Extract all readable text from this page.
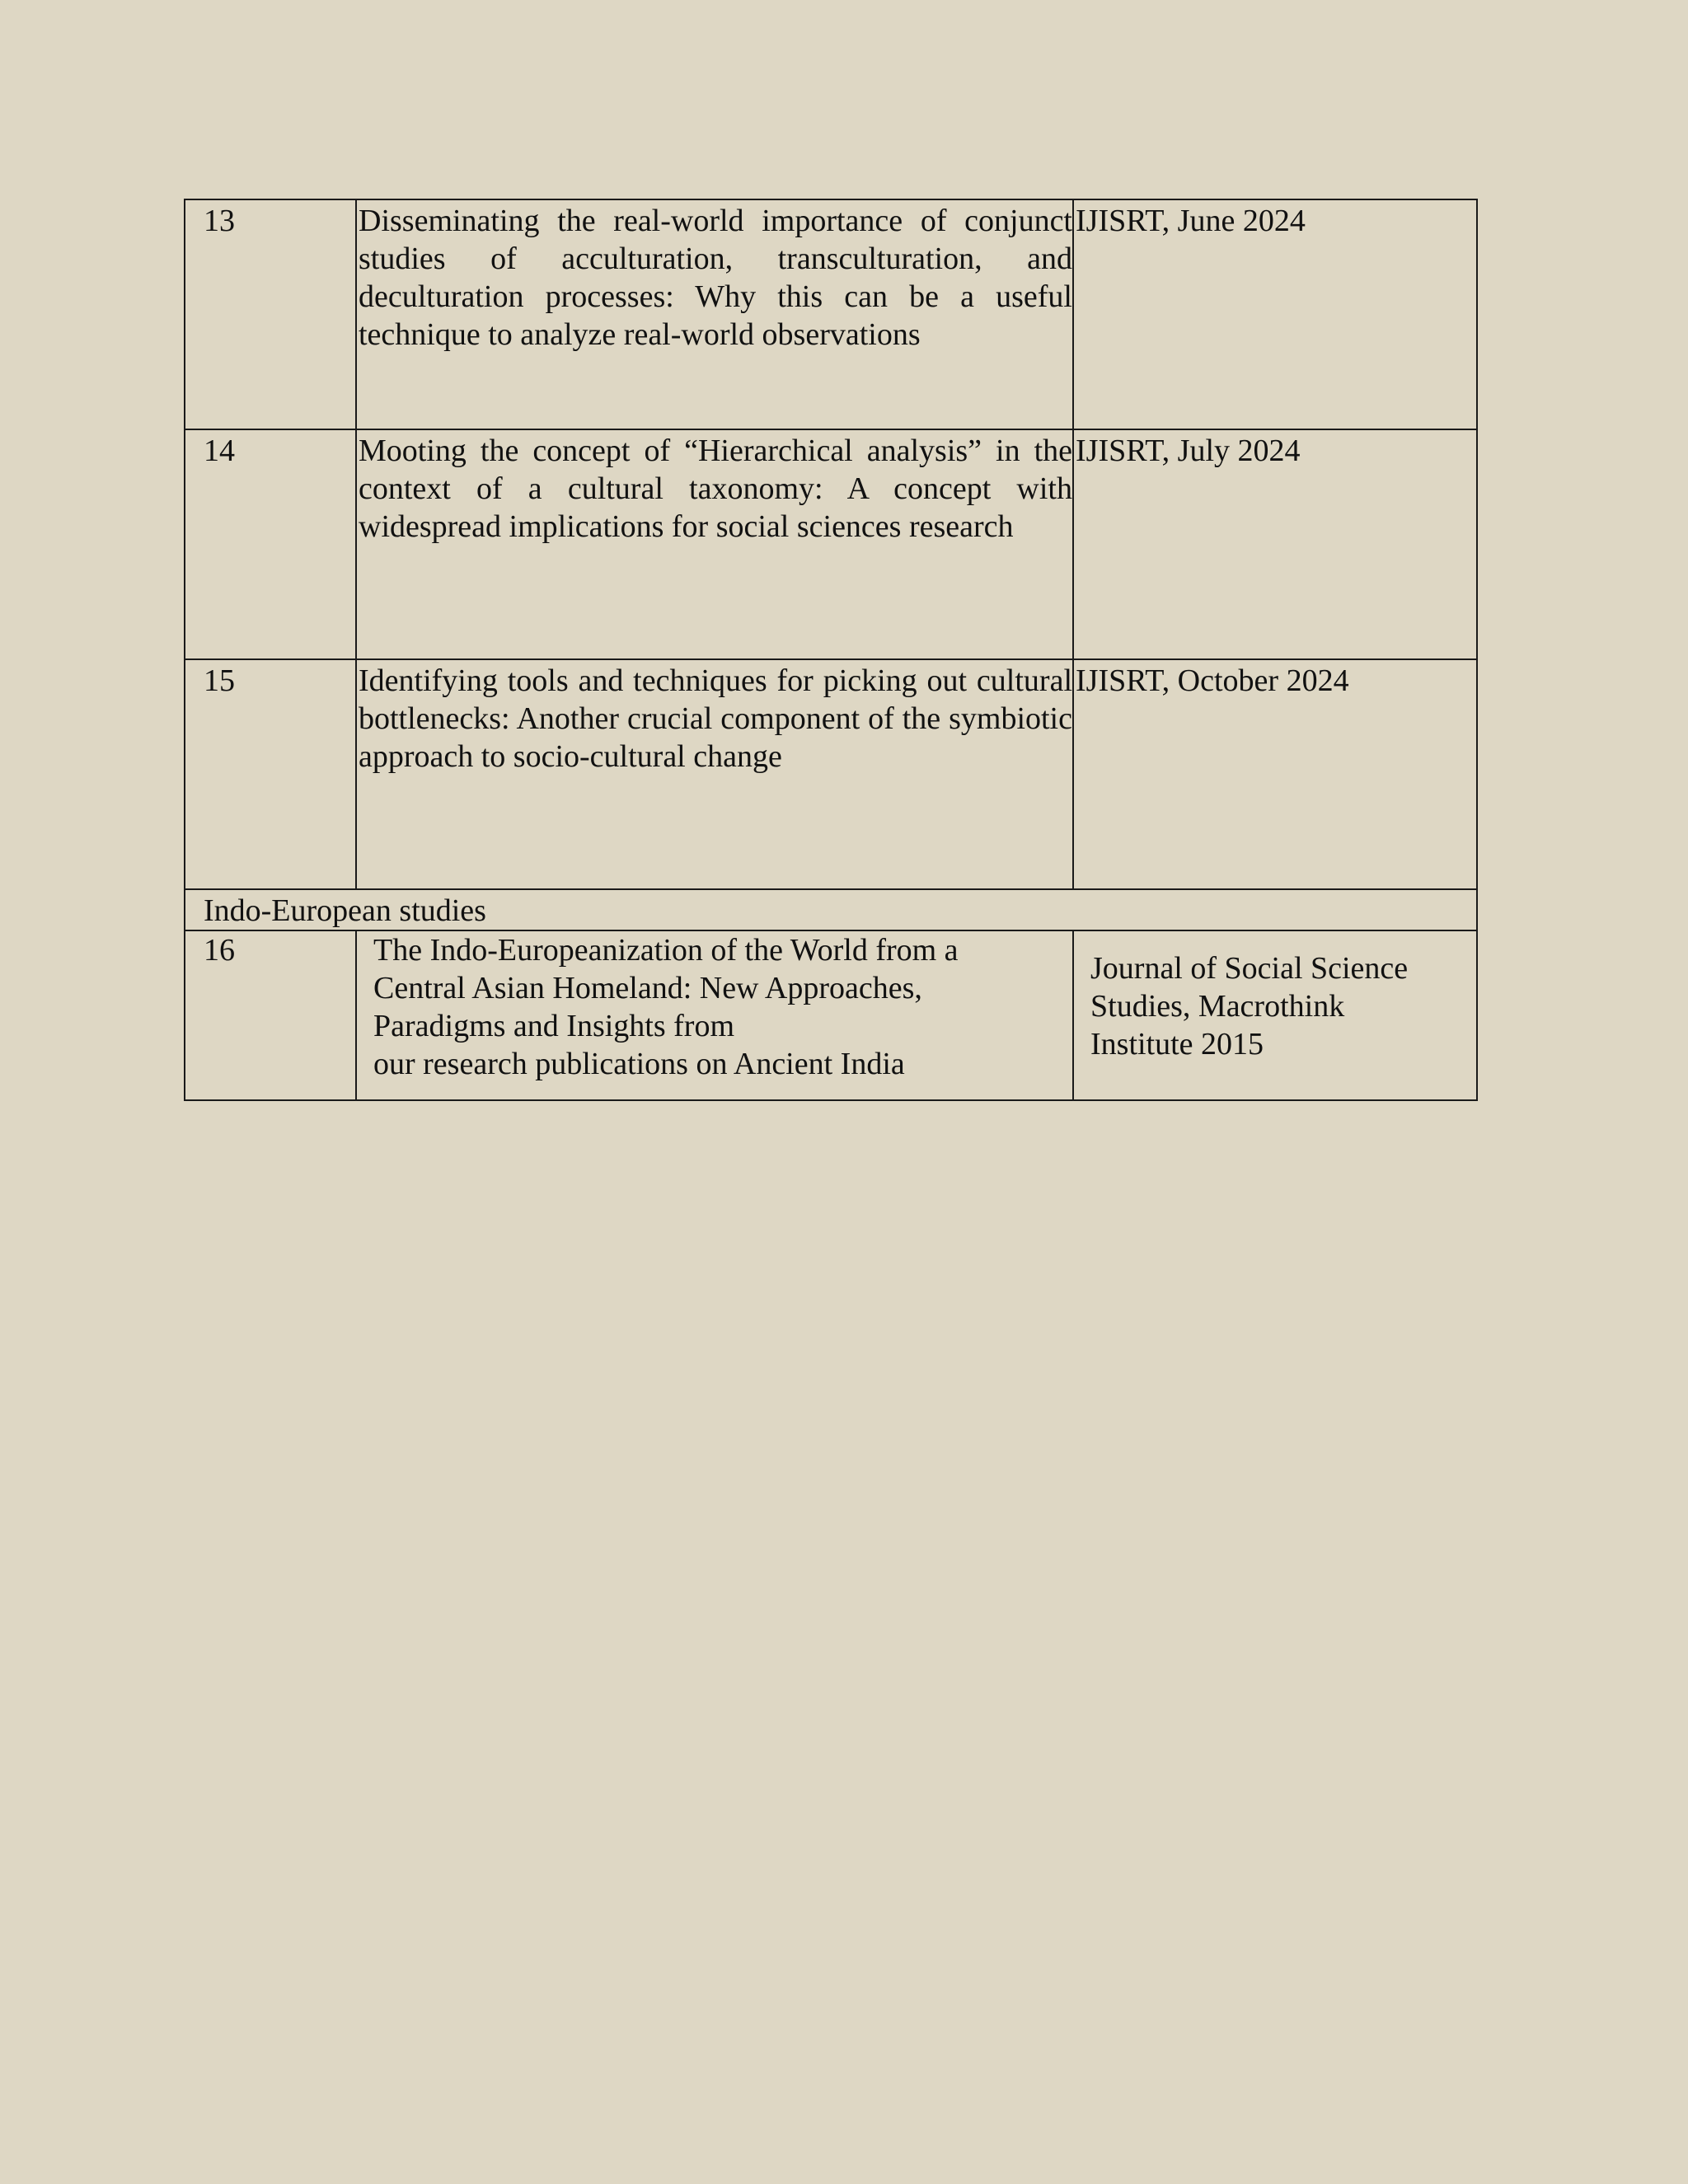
13	Disseminating the real-world importance of conjunct studies of acculturation, transculturation, and deculturation processes: Why this can be a useful technique to analyze real-world observations	IJISRT, June 2024
14	Mooting the concept of “Hierarchical analysis” in the context of a cultural taxonomy: A concept with widespread implications for social sciences research	IJISRT, July 2024
15	Identifying tools and techniques for picking out cultural bottlenecks: Another crucial component of the symbiotic approach to socio-cultural change	IJISRT, October 2024
Indo-European studies		
16	The Indo-Europeanization of the World from a
Central Asian Homeland: New Approaches,
Paradigms and Insights from
our research publications on Ancient India	Journal of Social Science
Studies, Macrothink
Institute 2015
